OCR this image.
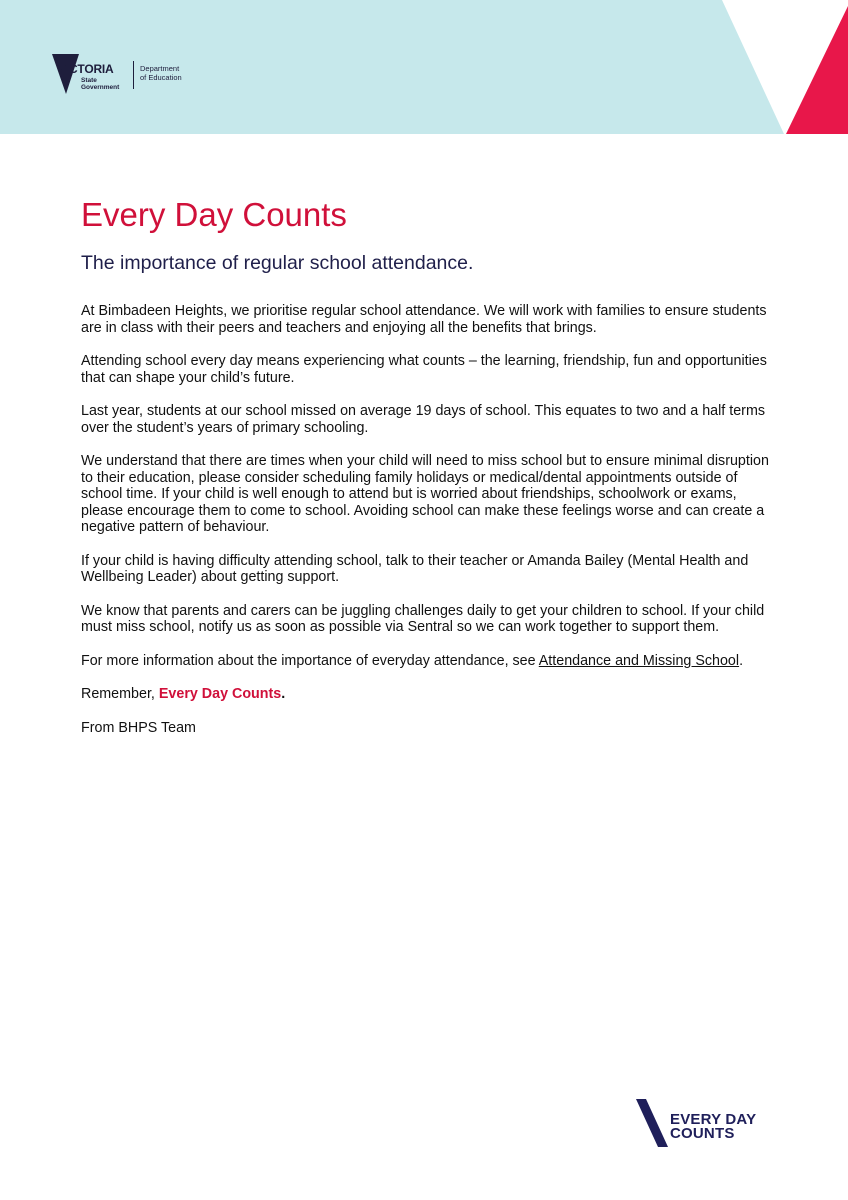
VICTORIA
State
Government
Department
of Education
Every Day Counts
The importance of regular school attendance.

At Bimbadeen Heights, we prioritise regular school attendance. We will work with families to ensure students are in class with their peers and teachers and enjoying all the benefits that brings.

Attending school every day means experiencing what counts – the learning, friendship, fun and opportunities that can shape your child’s future.

Last year, students at our school missed on average 19 days of school. This equates to two and a half terms over the student’s years of primary schooling.

We understand that there are times when your child will need to miss school but to ensure minimal disruption to their education, please consider scheduling family holidays or medical/dental appointments outside of school time. If your child is well enough to attend but is worried about friendships, schoolwork or exams, please encourage them to come to school. Avoiding school can make these feelings worse and can create a negative pattern of behaviour.

If your child is having difficulty attending school, talk to their teacher or Amanda Bailey (Mental Health and Wellbeing Leader) about getting support.

We know that parents and carers can be juggling challenges daily to get your children to school. If your child must miss school, notify us as soon as possible via Sentral so we can work together to support them.

For more information about the importance of everyday attendance, see Attendance and Missing School.

Remember, Every Day Counts.

From BHPS Team

EVERY DAY
COUNTS
